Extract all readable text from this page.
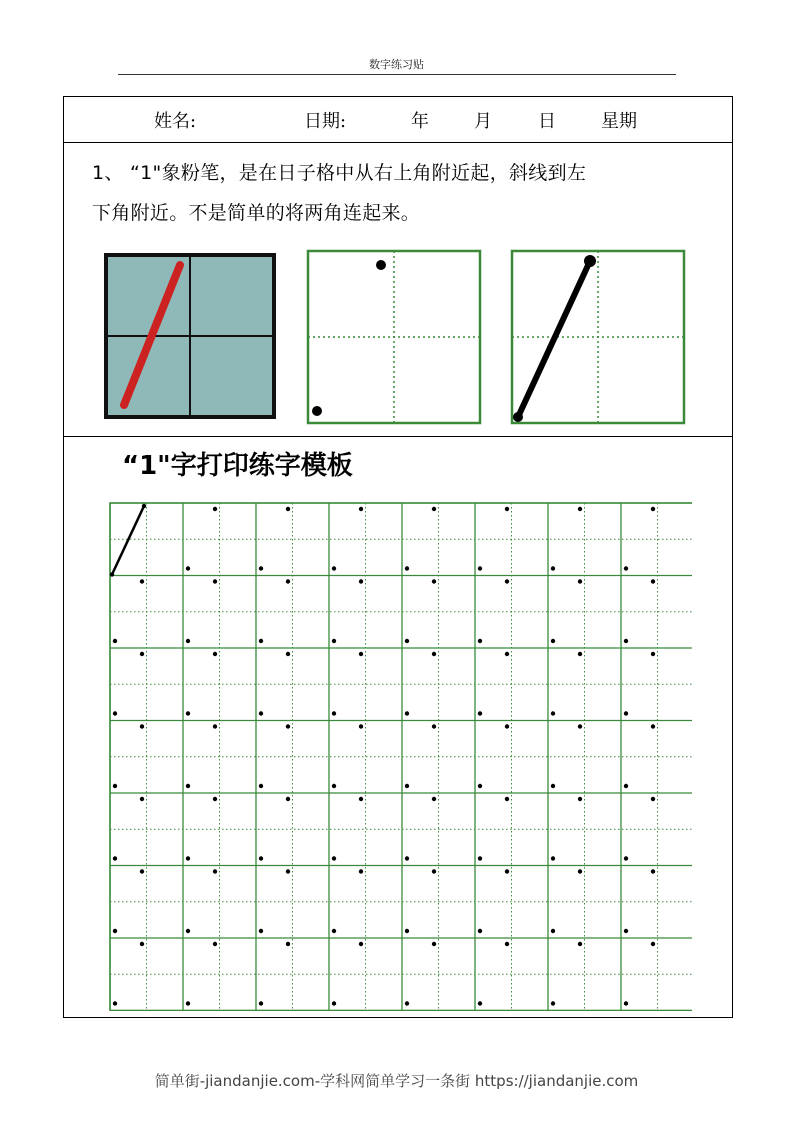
数字练习贴
姓名:	日期:	年	月	日	星期
1、 “1"象粉笔，是在日子格中从右上角附近起，斜线到左
下角附近。不是简单的将两角连起来。
“1"字打印练字模板
简单街-jiandanjie.com-学科网简单学习一条街 https://jiandanjie.com
